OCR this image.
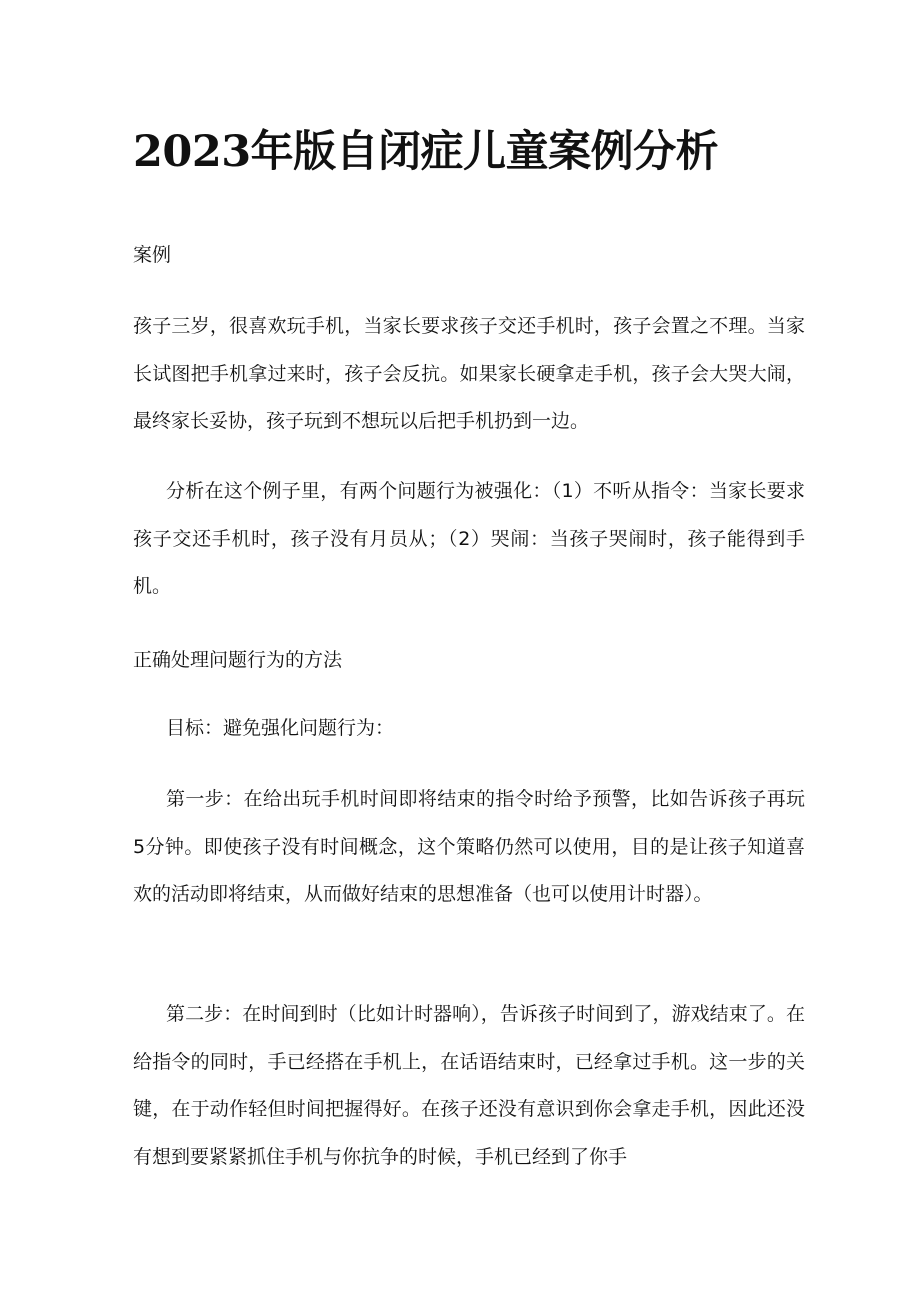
2023年版自闭症儿童案例分析

案例

孩子三岁，很喜欢玩手机，当家长要求孩子交还手机时，孩子会置之不理。当家长试图把手机拿过来时，孩子会反抗。如果家长硬拿走手机，孩子会大哭大闹，最终家长妥协，孩子玩到不想玩以后把手机扔到一边。

分析在这个例子里，有两个问题行为被强化：（1）不听从指令：当家长要求孩子交还手机时，孩子没有月员从；（2）哭闹：当孩子哭闹时，孩子能得到手机。

正确处理问题行为的方法

目标：避免强化问题行为：

第一步：在给出玩手机时间即将结束的指令时给予预警，比如告诉孩子再玩5分钟。即使孩子没有时间概念，这个策略仍然可以使用，目的是让孩子知道喜欢的活动即将结束，从而做好结束的思想准备（也可以使用计时器）。

第二步：在时间到时（比如计时器响），告诉孩子时间到了，游戏结束了。在给指令的同时，手已经搭在手机上，在话语结束时，已经拿过手机。这一步的关键，在于动作轻但时间把握得好。在孩子还没有意识到你会拿走手机，因此还没有想到要紧紧抓住手机与你抗争的时候，手机已经到了你手
